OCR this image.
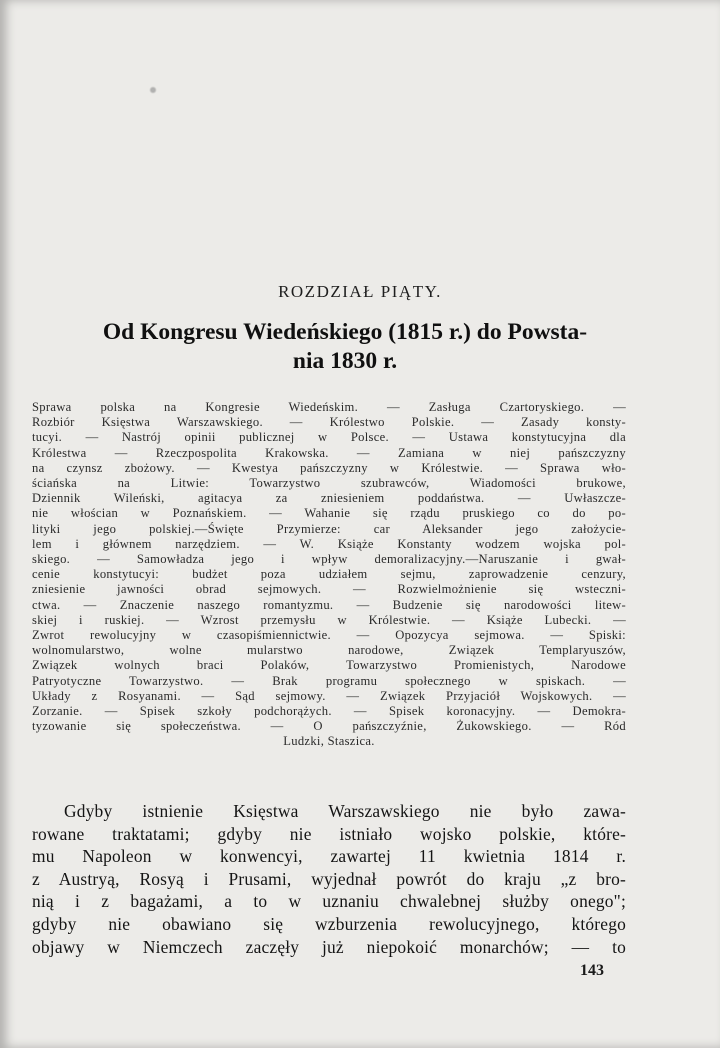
ROZDZIAŁ PIĄTY.
Od Kongresu Wiedeńskiego (1815 r.) do Powsta-
nia 1830 r.
Sprawa polska na Kongresie Wiedeńskim. — Zasługa Czartoryskiego. —
Rozbiór Księstwa Warszawskiego. — Królestwo Polskie. — Zasady konsty-
tucyi. — Nastrój opinii publicznej w Polsce. — Ustawa konstytucyjna dla
Królestwa — Rzeczpospolita Krakowska. — Zamiana w niej pańszczyzny
na czynsz zbożowy. — Kwestya pańszczyzny w Królestwie. — Sprawa wło-
ściańska na Litwie: Towarzystwo szubrawców, Wiadomości brukowe,
Dziennik Wileński, agitacya za zniesieniem poddaństwa. — Uwłaszcze-
nie włościan w Poznańskiem. — Wahanie się rządu pruskiego co do po-
lityki jego polskiej.—Święte Przymierze: car Aleksander jego założycie-
lem i głównem narzędziem. — W. Książe Konstanty wodzem wojska pol-
skiego. — Samowładza jego i wpływ demoralizacyjny.—Naruszanie i gwał-
cenie konstytucyi: budżet poza udziałem sejmu, zaprowadzenie cenzury,
zniesienie jawności obrad sejmowych. — Rozwielmożnienie się wsteczni-
ctwa. — Znaczenie naszego romantyzmu. — Budzenie się narodowości litew-
skiej i ruskiej. — Wzrost przemysłu w Królestwie. — Książe Lubecki. —
Zwrot rewolucyjny w czasopiśmiennictwie. — Opozycya sejmowa. — Spiski:
wolnomularstwo, wolne mularstwo narodowe, Związek Templaryuszów,
Związek wolnych braci Polaków, Towarzystwo Promienistych, Narodowe
Patryotyczne Towarzystwo. — Brak programu społecznego w spiskach. —
Układy z Rosyanami. — Sąd sejmowy. — Związek Przyjaciół Wojskowych. —
Zorzanie. — Spisek szkoły podchorążych. — Spisek koronacyjny. — Demokra-
tyzowanie się społeczeństwa. — O pańszczyźnie, Żukowskiego. — Ród
Ludzki, Staszica.
Gdyby istnienie Księstwa Warszawskiego nie było zawa-
rowane traktatami; gdyby nie istniało wojsko polskie, które-
mu Napoleon w konwencyi, zawartej 11 kwietnia 1814 r.
z Austryą, Rosyą i Prusami, wyjednał powrót do kraju „z bro-
nią i z bagażami, a to w uznaniu chwalebnej służby onego";
gdyby nie obawiano się wzburzenia rewolucyjnego, którego
objawy w Niemczech zaczęły już niepokoić monarchów; — to
143
